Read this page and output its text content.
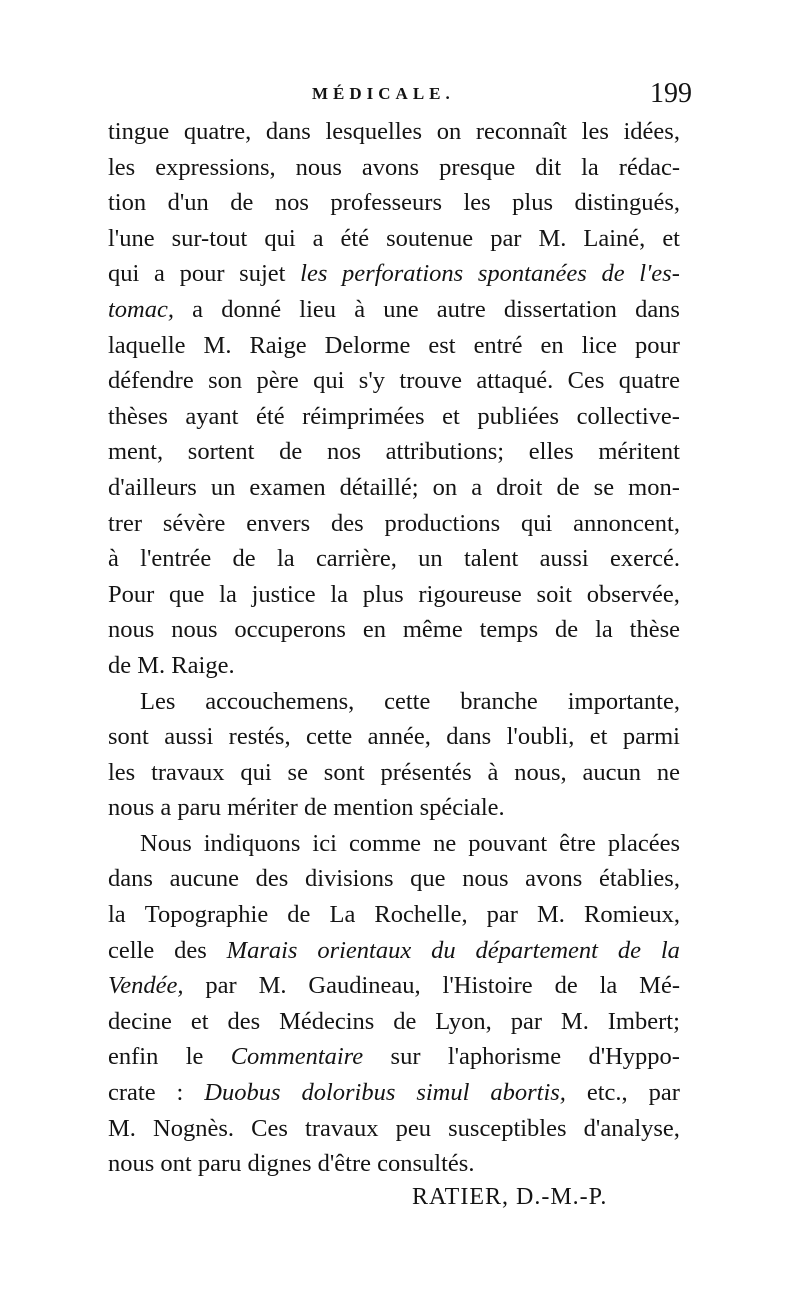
MÉDICALE.	199
tingue quatre, dans lesquelles on reconnaît les idées,
les expressions, nous avons presque dit la rédac-
tion d'un de nos professeurs les plus distingués,
l'une sur-tout qui a été soutenue par M. Lainé, et
qui a pour sujet les perforations spontanées de l'es-
tomac, a donné lieu à une autre dissertation dans
laquelle M. Raige Delorme est entré en lice pour
défendre son père qui s'y trouve attaqué. Ces quatre
thèses ayant été réimprimées et publiées collective-
ment, sortent de nos attributions; elles méritent
d'ailleurs un examen détaillé; on a droit de se mon-
trer sévère envers des productions qui annoncent,
à l'entrée de la carrière, un talent aussi exercé.
Pour que la justice la plus rigoureuse soit observée,
nous nous occuperons en même temps de la thèse
de
M.
Raige.
Les accouchemens, cette branche importante,
sont aussi restés, cette année, dans l'oubli, et parmi
les travaux qui se sont présentés à nous, aucun ne
nous
a
paru
mériter
de
mention
spéciale.
Nous indiquons ici comme ne pouvant être placées
dans aucune des divisions que nous avons établies,
la Topographie de La Rochelle, par M. Romieux,
celle des Marais orientaux du département de la
Vendée, par M. Gaudineau, l'Histoire de la Mé-
decine et des Médecins de Lyon, par M. Imbert;
enfin le Commentaire sur l'aphorisme d'Hyppo-
crate : Duobus doloribus simul abortis, etc., par
M. Nognès. Ces travaux peu susceptibles d'analyse,
nous
ont
paru
dignes
d'être
consultés.
RATIER, D.-M.-P.
